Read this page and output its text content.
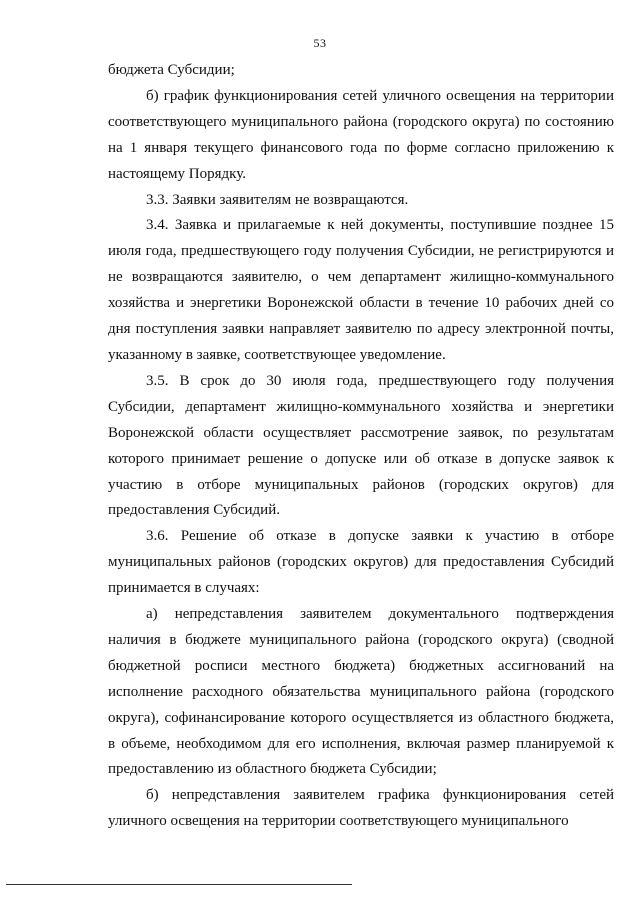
53

бюджета Субсидии;

б) график функционирования сетей уличного освещения на территории соответствующего муниципального района (городского округа) по состоянию на 1 января текущего финансового года по форме согласно приложению к настоящему Порядку.

3.3. Заявки заявителям не возвращаются.

3.4. Заявка и прилагаемые к ней документы, поступившие позднее 15 июля года, предшествующего году получения Субсидии, не регистрируются и не возвращаются заявителю, о чем департамент жилищно-коммунального хозяйства и энергетики Воронежской области в течение 10 рабочих дней со дня поступления заявки направляет заявителю по адресу электронной почты, указанному в заявке, соответствующее уведомление.

3.5. В срок до 30 июля года, предшествующего году получения Субсидии, департамент жилищно-коммунального хозяйства и энергетики Воронежской области осуществляет рассмотрение заявок, по результатам которого принимает решение о допуске или об отказе в допуске заявок к участию в отборе муниципальных районов (городских округов) для предоставления Субсидий.

3.6. Решение об отказе в допуске заявки к участию в отборе муниципальных районов (городских округов) для предоставления Субсидий принимается в случаях:

а) непредставления заявителем документального подтверждения наличия в бюджете муниципального района (городского округа) (сводной бюджетной росписи местного бюджета) бюджетных ассигнований на исполнение расходного обязательства муниципального района (городского округа), софинансирование которого осуществляется из областного бюджета, в объеме, необходимом для его исполнения, включая размер планируемой к предоставлению из областного бюджета Субсидии;

б) непредставления заявителем графика функционирования сетей уличного освещения на территории соответствующего муниципального
